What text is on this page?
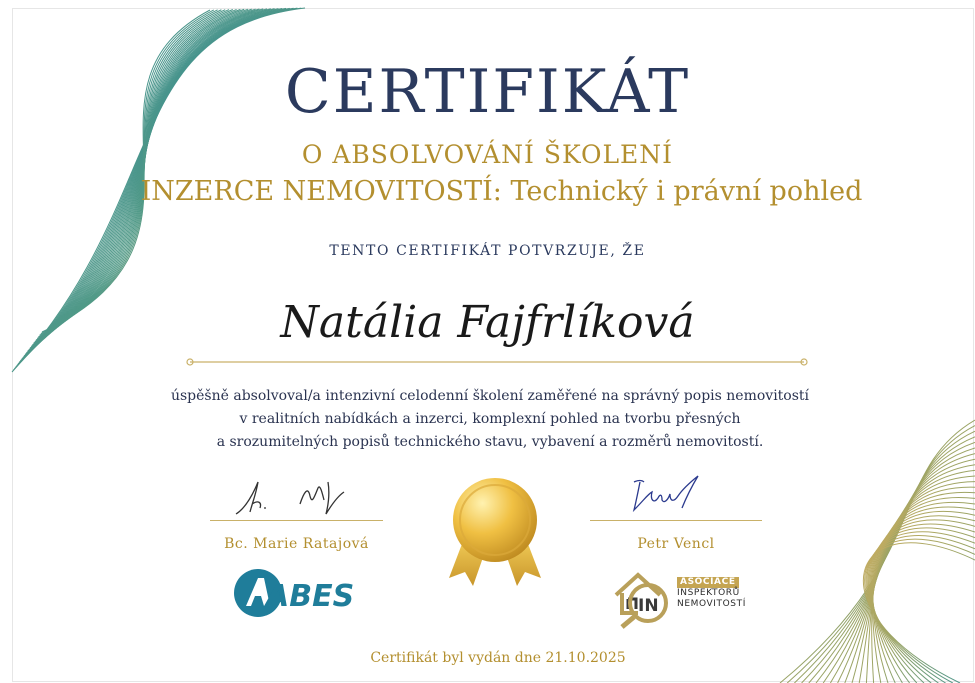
CERTIFIKÁT
O ABSOLVOVÁNÍ ŠKOLENÍ
INZERCE NEMOVITOSTÍ: Technický i právní pohled
TENTO CERTIFIKÁT POTVRZUJE, ŽE
Natália Fajfrlíková
úspěšně absolvoval/a intenzivní celodenní školení zaměřené na správný popis nemovitostí
v realitních nabídkách a inzerci, komplexní pohled na tvorbu přesných
a srozumitelných popisů technického stavu, vybavení a rozměrů nemovitostí.
Bc. Marie Ratajová	Petr Vencl
ABES	IN
ASOCIACE
INSPEKTORŮ
NEMOVITOSTÍ
Certifikát byl vydán dne 21.10.2025
